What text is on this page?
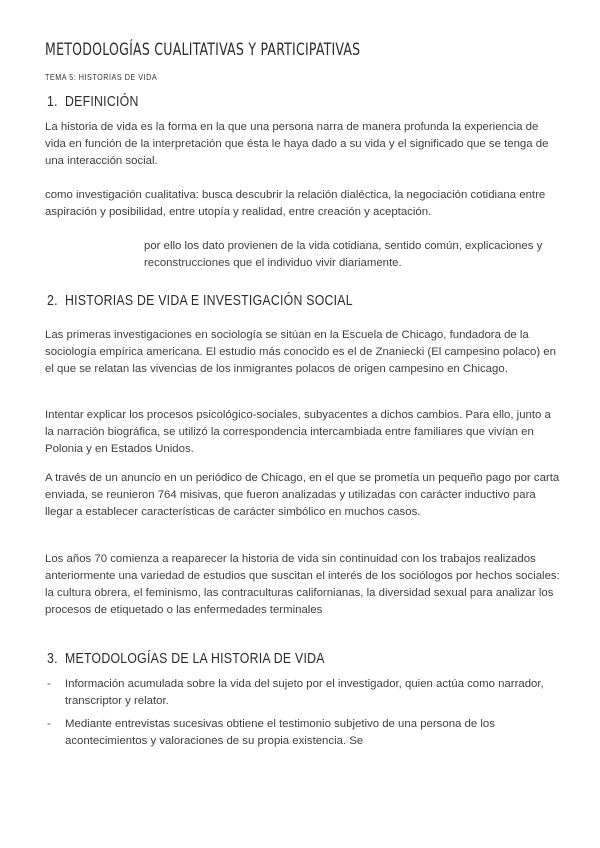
METODOLOGÍAS CUALITATIVAS Y PARTICIPATIVAS
TEMA 5: HISTORIAS DE VIDA
1. DEFINICIÓN

La historia de vida es la forma en la que una persona narra de manera profunda la experiencia de vida en función de la interpretación que ésta le haya dado a su vida y el significado que se tenga de una interacción social.

como investigación cualitativa: busca descubrir la relación dialéctica, la negociación cotidiana entre aspiración y posibilidad, entre utopía y realidad, entre creación y aceptación.

por ello los dato provienen de la vida cotidiana, sentido común, explicaciones y reconstrucciones que el individuo vivir diariamente.

2. HISTORIAS DE VIDA E INVESTIGACIÓN SOCIAL

Las primeras investigaciones en sociología se sitúan en la Escuela de Chicago, fundadora de la sociología empírica americana. El estudio más conocido es el de Znaniecki (El campesino polaco) en el que se relatan las vivencias de los inmigrantes polacos de origen campesino en Chicago.

Intentar explicar los procesos psicológico-sociales, subyacentes a dichos cambios. Para ello, junto a la narración biográfica, se utilizó la correspondencia intercambiada entre familiares que vivían en Polonia y en Estados Unidos.

A través de un anuncio en un periódico de Chicago, en el que se prometía un pequeño pago por carta enviada, se reunieron 764 misivas, que fueron analizadas y utilizadas con carácter inductivo para llegar a establecer características de carácter simbólico en muchos casos.

Los años 70 comienza a reaparecer la historia de vida sin continuidad con los trabajos realizados anteriormente una variedad de estudios que suscitan el interés de los sociólogos por hechos sociales: la cultura obrera, el feminismo, las contraculturas californianas, la diversidad sexual para analizar los procesos de etiquetado o las enfermedades terminales

3. METODOLOGÍAS DE LA HISTORIA DE VIDA
- Información acumulada sobre la vida del sujeto por el investigador, quien actúa como narrador, transcriptor y relator.
- Mediante entrevistas sucesivas obtiene el testimonio subjetivo de una persona de los acontecimientos y valoraciones de su propia existencia. Se
